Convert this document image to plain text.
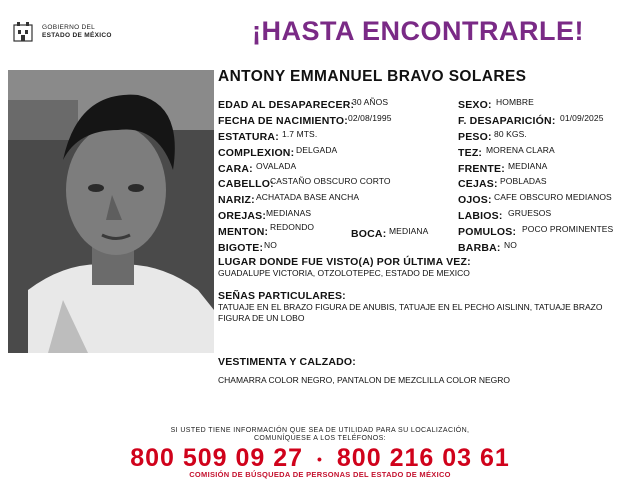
GOBIERNO DEL
ESTADO DE MÉXICO	¡HASTA ENCONTRARLE!
ANTONY EMMANUEL BRAVO SOLARES
EDAD AL DESAPARECER:
30 AÑOS
FECHA DE NACIMIENTO: 02/08/1995
ESTATURA: 1.7 MTS.
COMPLEXION: DELGADA
CARA: OVALADA
CABELLO:
CASTAÑO OBSCURO CORTO
NARIZ: ACHATADA BASE ANCHA
OREJAS: MEDIANAS
MENTON: REDONDO
BOCA: MEDIANA
BIGOTE: NO
SEXO: HOMBRE
F. DESAPARICIÓN: 01/09/2025
PESO: 80 KGS.
TEZ: MORENA CLARA
FRENTE: MEDIANA
CEJAS: POBLADAS
OJOS: CAFE OBSCURO MEDIANOS
LABIOS: GRUESOS
POMULOS: POCO PROMINENTES
BARBA: NO
LUGAR DONDE FUE VISTO(A) POR ÚLTIMA VEZ:
GUADALUPE VICTORIA, OTZOLOTEPEC, ESTADO DE MEXICO
SEÑAS PARTICULARES:
TATUAJE EN EL BRAZO FIGURA DE ANUBIS, TATUAJE EN EL PECHO AISLINN, TATUAJE BRAZO FIGURA DE UN LOBO
VESTIMENTA Y CALZADO:
CHAMARRA COLOR NEGRO, PANTALON DE MEZCLILLA COLOR NEGRO
SI USTED TIENE INFORMACIÓN QUE SEA DE UTILIDAD PARA SU LOCALIZACIÓN,
COMUNÍQUESE A LOS TELÉFONOS:
800 509 09 27 • 800 216 03 61
COMISIÓN DE BÚSQUEDA DE PERSONAS DEL ESTADO DE MÉXICO
